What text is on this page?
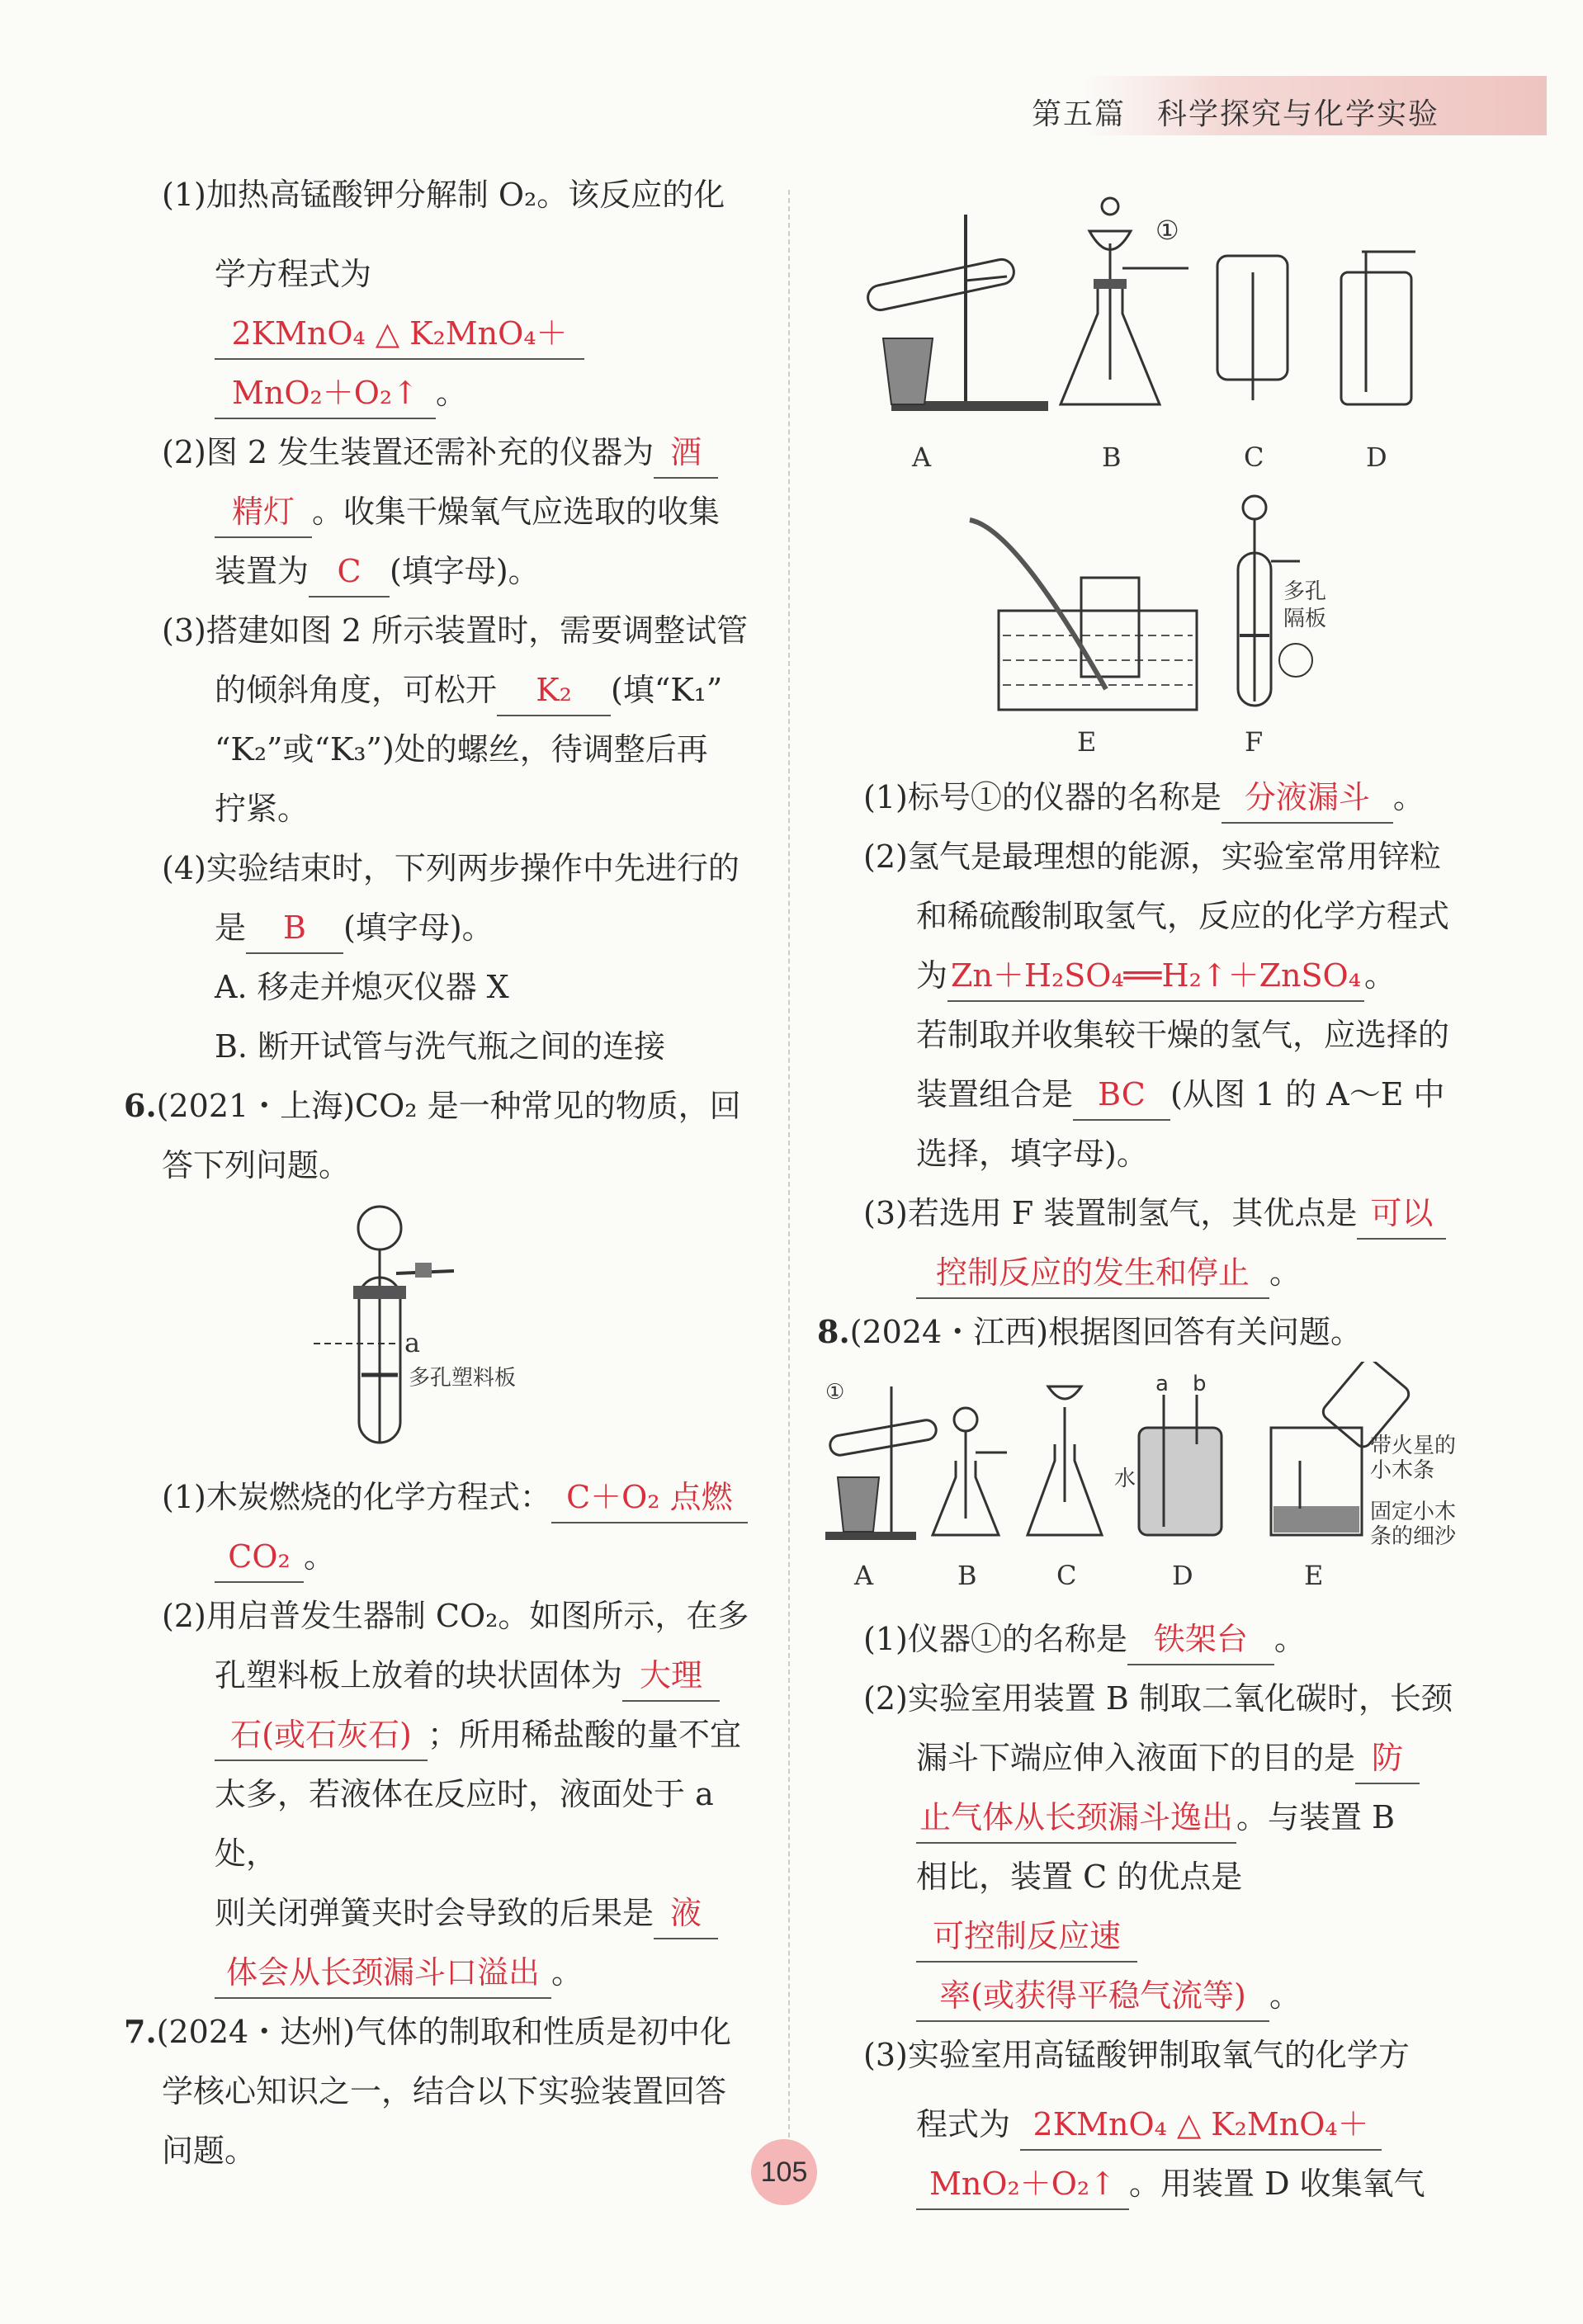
第五篇　科学探究与化学实验

(1)加热高锰酸钾分解制 O₂。该反应的化

学方程式为 2KMnO₄ △ K₂MnO₄＋

MnO₂＋O₂↑ 。

(2)图 2 发生装置还需补充的仪器为 酒

精灯 。收集干燥氧气应选取的收集

装置为 C (填字母)。

(3)搭建如图 2 所示装置时，需要调整试管

的倾斜角度，可松开 K₂ (填“K₁”

“K₂”或“K₃”)处的螺丝，待调整后再

拧紧。

(4)实验结束时，下列两步操作中先进行的

是 B (填字母)。

A. 移走并熄灭仪器 X

B. 断开试管与洗气瓶之间的连接

6.(2021・上海)CO₂ 是一种常见的物质，回

答下列问题。

a
多孔塑料板

(1)木炭燃烧的化学方程式： C＋O₂ 点燃

CO₂ 。

(2)用启普发生器制 CO₂。如图所示，在多

孔塑料板上放着的块状固体为 大理

石(或石灰石) ；所用稀盐酸的量不宜

太多，若液体在反应时，液面处于 a 处，

则关闭弹簧夹时会导致的后果是 液

体会从长颈漏斗口溢出 。

7.(2024・达州)气体的制取和性质是初中化

学核心知识之一，结合以下实验装置回答

问题。

A
①
B	C	D
E
多孔
隔板
F

(1)标号①的仪器的名称是 分液漏斗 。

(2)氢气是最理想的能源，实验室常用锌粒

和稀硫酸制取氢气，反应的化学方程式

为 Zn＋H₂SO₄══H₂↑＋ZnSO₄ 。

若制取并收集较干燥的氢气，应选择的

装置组合是 BC (从图 1 的 A～E 中

选择，填字母)。

(3)若选用 F 装置制氢气，其优点是 可以

控制反应的发生和停止 。

8.(2024・江西)根据图回答有关问题。

①
A	B	C
a b
水
D
带火星的
小木条
固定小木
条的细沙
E

(1)仪器①的名称是 铁架台 。

(2)实验室用装置 B 制取二氧化碳时，长颈

漏斗下端应伸入液面下的目的是 防

止气体从长颈漏斗逸出 。与装置 B

相比，装置 C 的优点是可控制反应速

率(或获得平稳气流等) 。

(3)实验室用高锰酸钾制取氧气的化学方

程式为 2KMnO₄ △ K₂MnO₄＋

MnO₂＋O₂↑ 。用装置 D 收集氧气

105
